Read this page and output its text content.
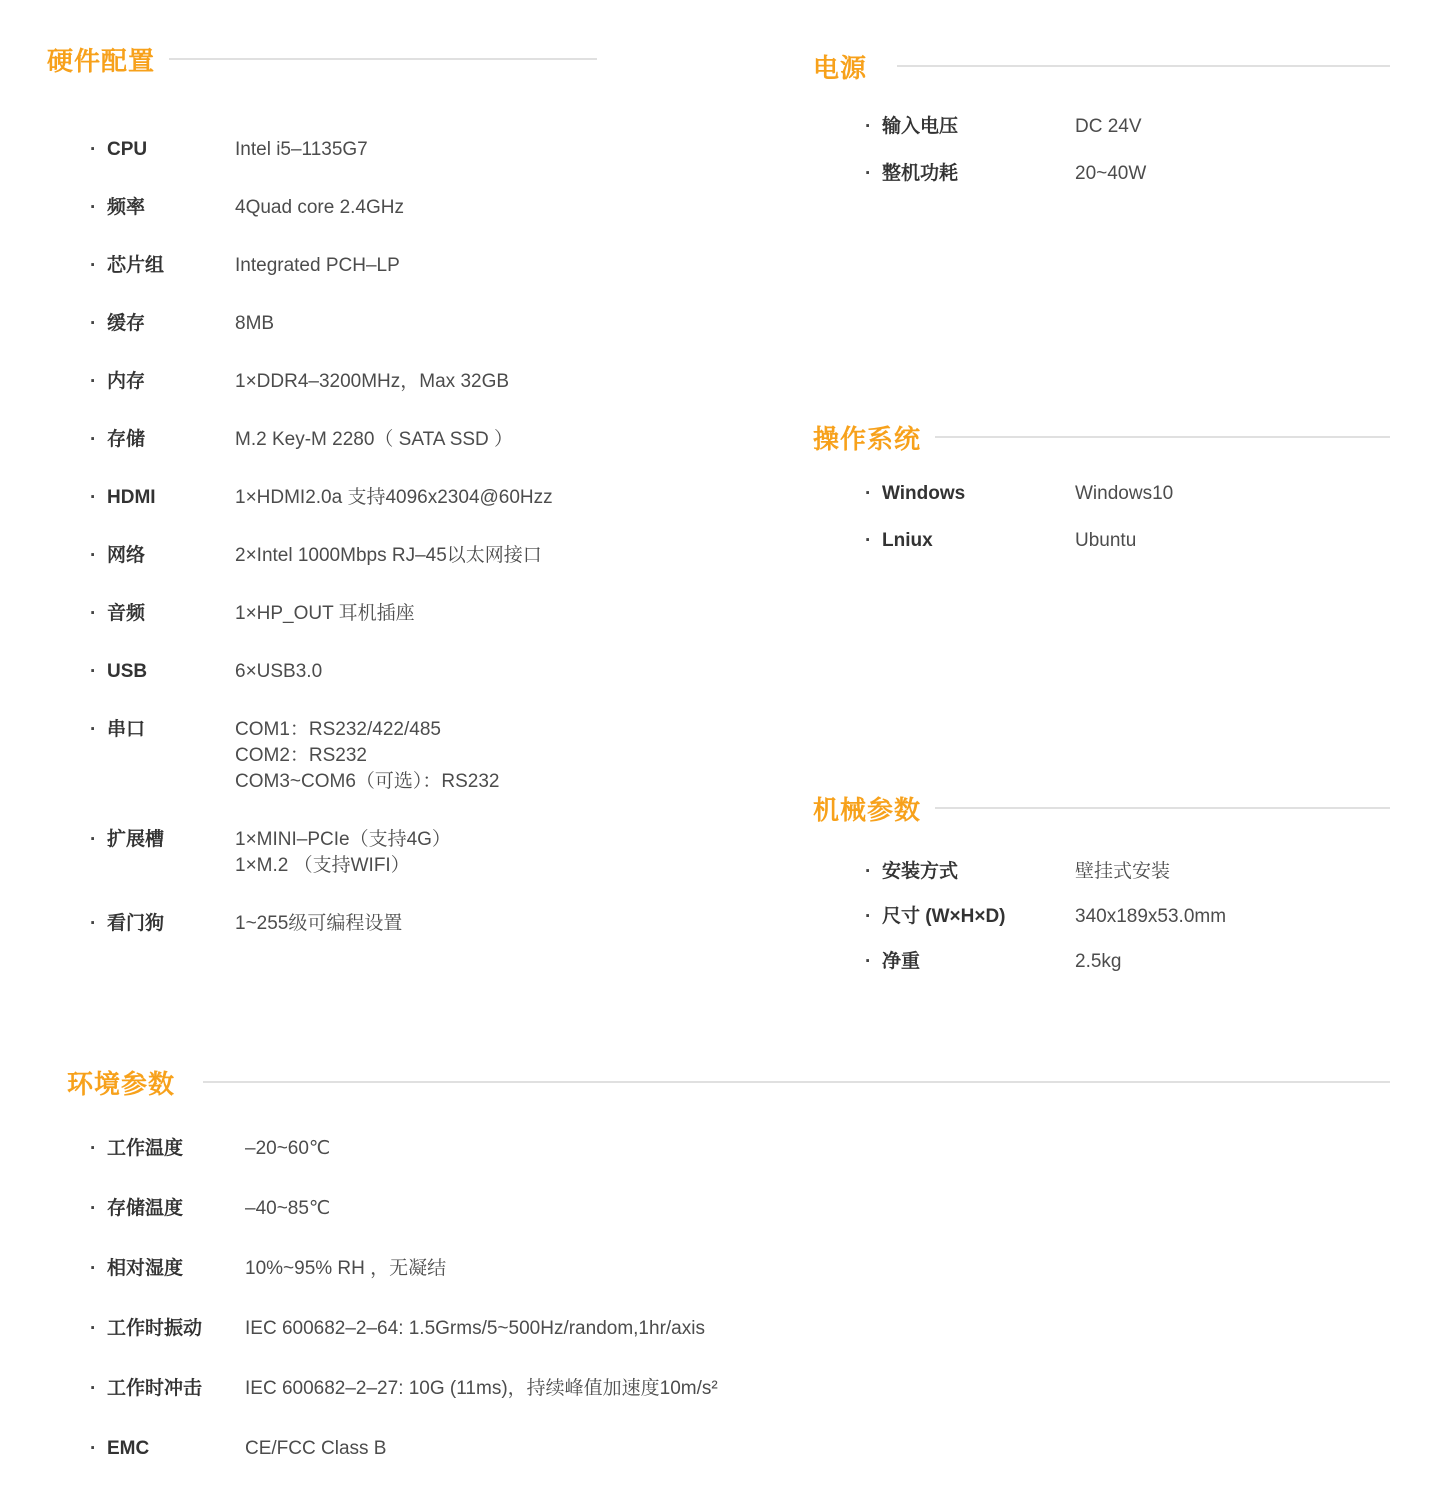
硬件配置
· CPU	Intel i5–1135G7
· 频率	4Quad core 2.4GHz
· 芯片组	Integrated PCH–LP
· 缓存	8MB
· 内存	1×DDR4–3200MHz，Max 32GB
· 存储	M.2 Key-M 2280（ SATA SSD ）
· HDMI	1×HDMI2.0a 支持4096x2304@60Hzz
· 网络	2×Intel 1000Mbps RJ–45以太网接口
· 音频	1×HP_OUT 耳机插座
· USB	6×USB3.0
· 串口	COM1：RS232/422/485
COM2：RS232
COM3~COM6（可选）：RS232
· 扩展槽	1×MINI–PCIe（支持4G）
1×M.2 （支持WIFI）
· 看门狗	1~255级可编程设置
电源
· 输入电压	DC 24V
· 整机功耗	20~40W
操作系统
· Windows	Windows10
· Lniux	Ubuntu
机械参数
· 安装方式	壁挂式安装
· 尺寸 (W×H×D)	340x189x53.0mm
· 净重	2.5kg
环境参数
· 工作温度	–20~60℃
· 存储温度	–40~85℃
· 相对湿度	10%~95% RH ，无凝结
· 工作时振动	IEC 600682–2–64: 1.5Grms/5~500Hz/random,1hr/axis
· 工作时冲击	IEC 600682–2–27: 10G (11ms)，持续峰值加速度10m/s²
· EMC	CE/FCC Class B
